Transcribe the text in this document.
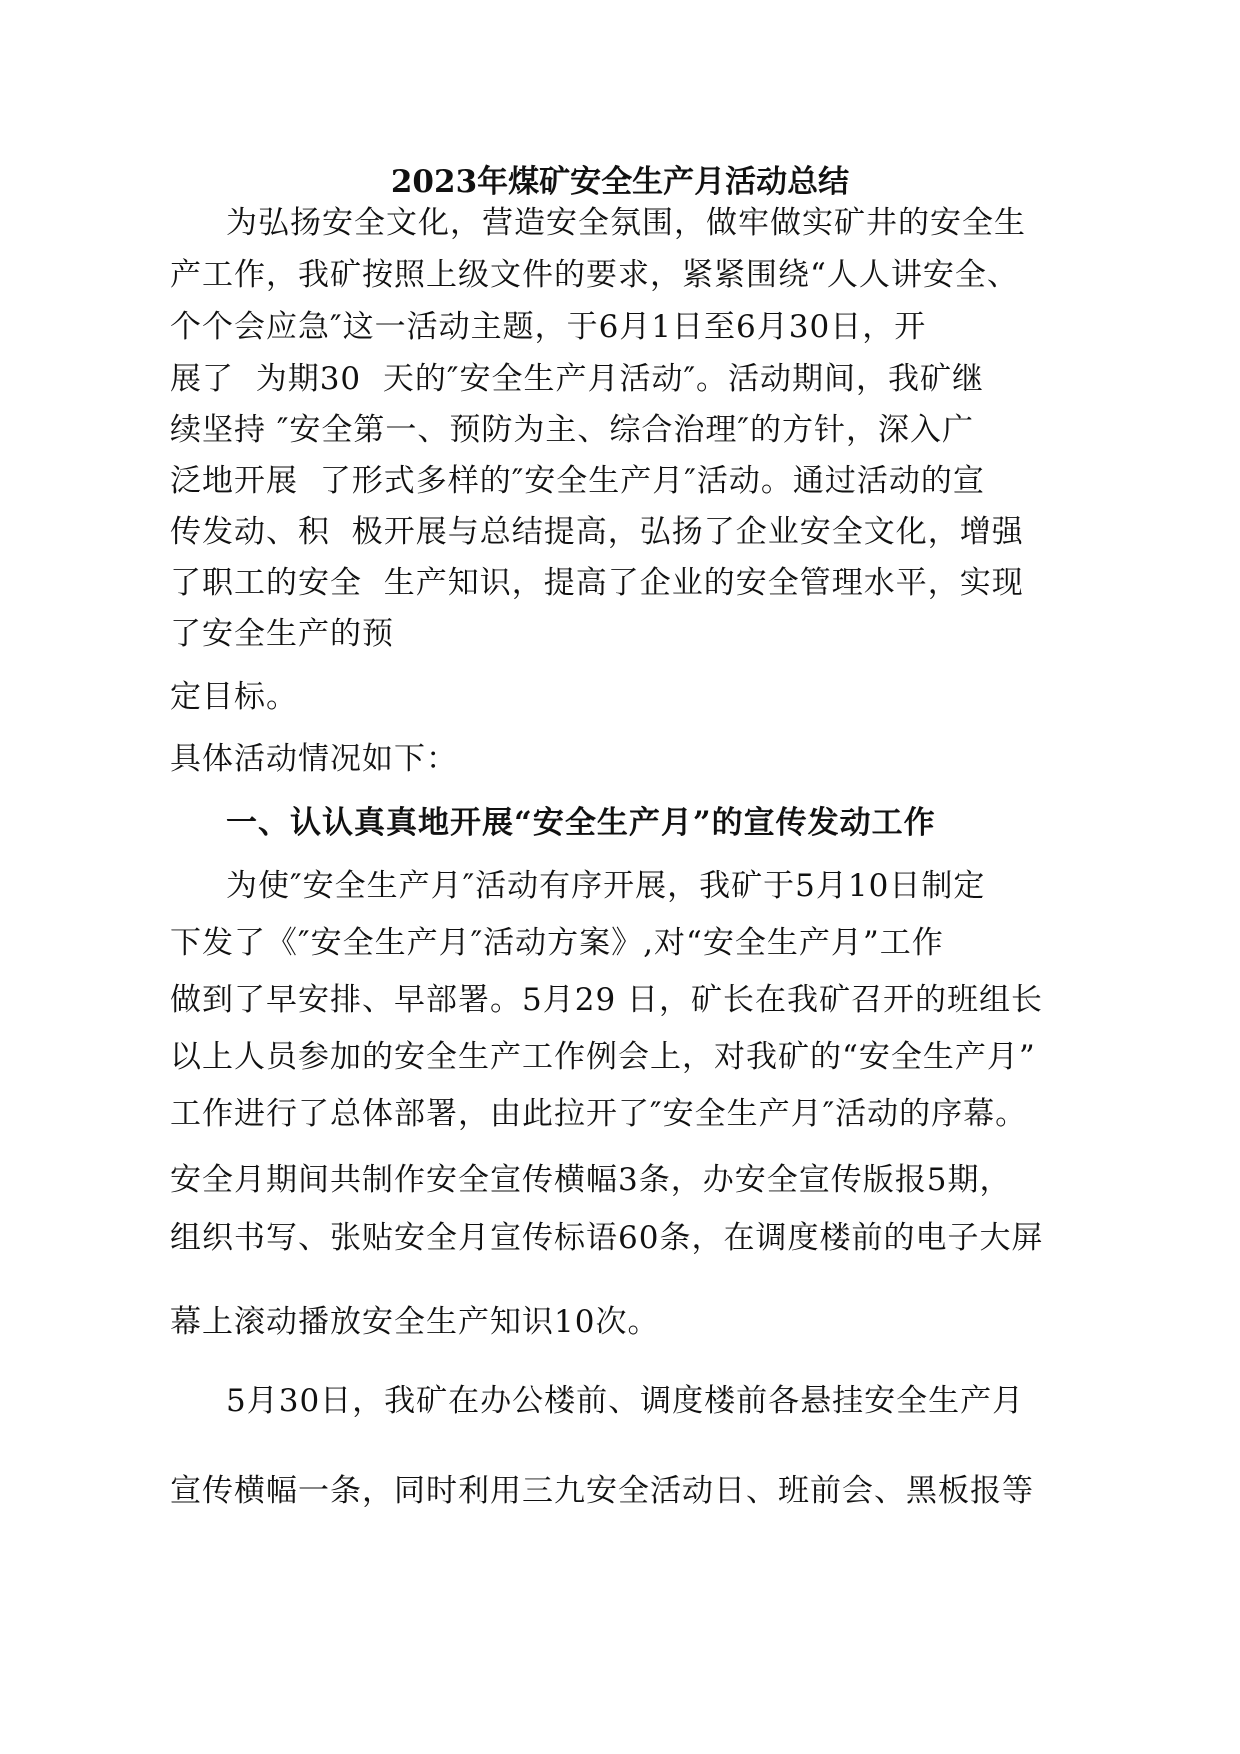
2023年煤矿安全生产月活动总结
为弘扬安全文化，营造安全氛围，做牢做实矿井的安全生
产工作，我矿按照上级文件的要求，紧紧围绕“人人讲安全、
个个会应急″这一活动主题，于6月1日至6月30日，开
展了  为期30  天的″安全生产月活动″。活动期间，我矿继
续坚持 ″安全第一、预防为主、综合治理″的方针，深入广
泛地开展  了形式多样的″安全生产月″活动。通过活动的宣
传发动、积  极开展与总结提高，弘扬了企业安全文化，增强
了职工的安全  生产知识，提高了企业的安全管理水平，实现
了安全生产的预
定目标。
具体活动情况如下：
一、认认真真地开展“安全生产月”的宣传发动工作
为使″安全生产月″活动有序开展，我矿于5月10日制定
下发了《″安全生产月″活动方案》,对“安全生产月”工作
做到了早安排、早部署。5月29 日，矿长在我矿召开的班组长
以上人员参加的安全生产工作例会上，对我矿的“安全生产月”
工作进行了总体部署，由此拉开了″安全生产月″活动的序幕。
安全月期间共制作安全宣传横幅3条，办安全宣传版报5期，
组织书写、张贴安全月宣传标语60条，在调度楼前的电子大屏
幕上滚动播放安全生产知识10次。
5月30日，我矿在办公楼前、调度楼前各悬挂安全生产月
宣传横幅一条，同时利用三九安全活动日、班前会、黑板报等
